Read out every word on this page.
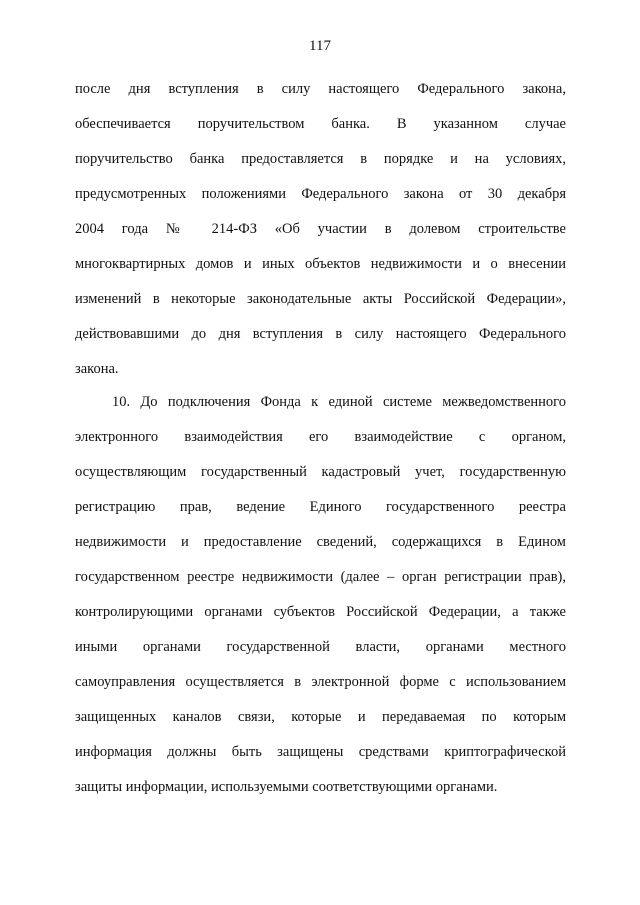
117
после дня вступления в силу настоящего Федерального закона,
обеспечивается поручительством банка. В указанном случае
поручительство банка предоставляется в порядке и на условиях,
предусмотренных положениями Федерального закона от 30 декабря
2004 года № 214-ФЗ «Об участии в долевом строительстве
многоквартирных домов и иных объектов недвижимости и о внесении
изменений в некоторые законодательные акты Российской Федерации»,
действовавшими до дня вступления в силу настоящего Федерального
закона.
10. До подключения Фонда к единой системе межведомственного
электронного взаимодействия его взаимодействие с органом,
осуществляющим государственный кадастровый учет, государственную
регистрацию прав, ведение Единого государственного реестра
недвижимости и предоставление сведений, содержащихся в Едином
государственном реестре недвижимости (далее – орган регистрации прав),
контролирующими органами субъектов Российской Федерации, а также
иными органами государственной власти, органами местного
самоуправления осуществляется в электронной форме с использованием
защищенных каналов связи, которые и передаваемая по которым
информация должны быть защищены средствами криптографической
защиты информации, используемыми соответствующими органами.
